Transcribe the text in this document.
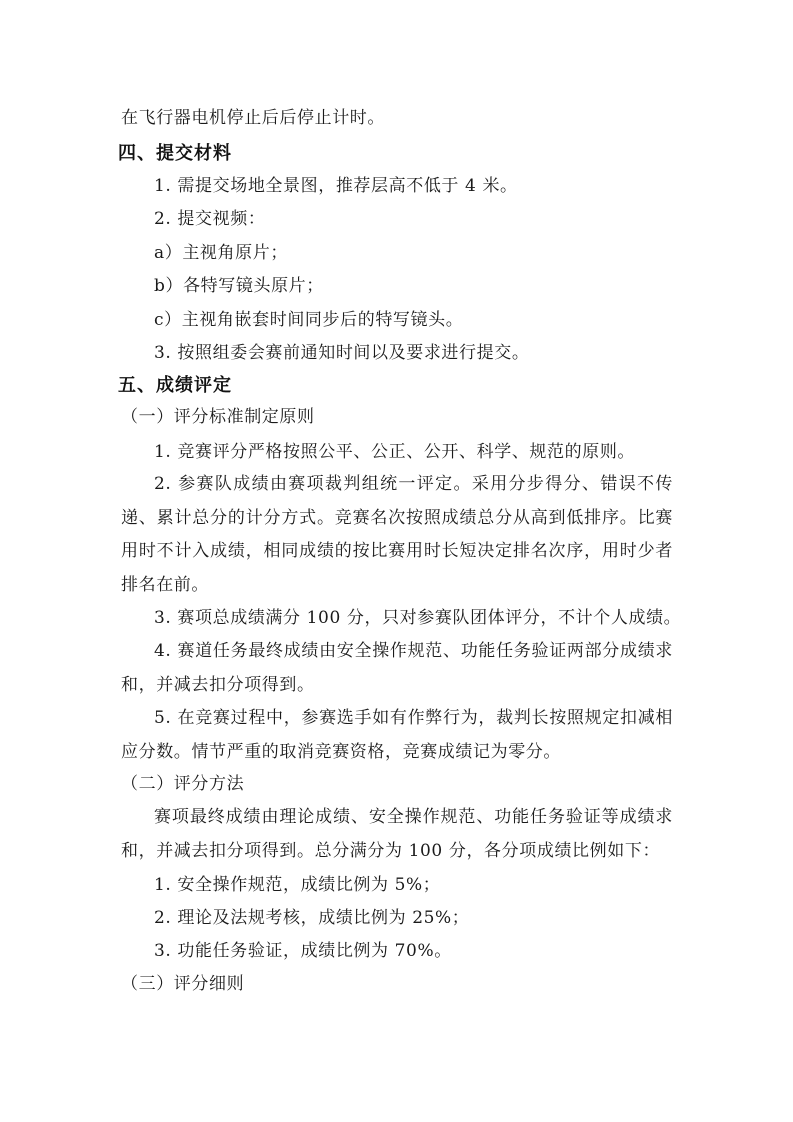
在飞行器电机停止后后停止计时。
四、提交材料
1. 需提交场地全景图，推荐层高不低于 4 米。
2. 提交视频：
a）主视角原片；
b）各特写镜头原片；
c）主视角嵌套时间同步后的特写镜头。
3. 按照组委会赛前通知时间以及要求进行提交。
五、成绩评定
（一）评分标准制定原则
1. 竞赛评分严格按照公平、公正、公开、科学、规范的原则。
2. 参赛队成绩由赛项裁判组统一评定。采用分步得分、错误不传递、累计总分的计分方式。竞赛名次按照成绩总分从高到低排序。比赛用时不计入成绩，相同成绩的按比赛用时长短决定排名次序，用时少者排名在前。
3. 赛项总成绩满分 100 分，只对参赛队团体评分，不计个人成绩。
4. 赛道任务最终成绩由安全操作规范、功能任务验证两部分成绩求和，并减去扣分项得到。
5. 在竞赛过程中，参赛选手如有作弊行为，裁判长按照规定扣减相应分数。情节严重的取消竞赛资格，竞赛成绩记为零分。
（二）评分方法
赛项最终成绩由理论成绩、安全操作规范、功能任务验证等成绩求和，并减去扣分项得到。总分满分为 100 分，各分项成绩比例如下：
1. 安全操作规范，成绩比例为 5%；
2. 理论及法规考核，成绩比例为 25%；
3. 功能任务验证，成绩比例为 70%。
（三）评分细则
